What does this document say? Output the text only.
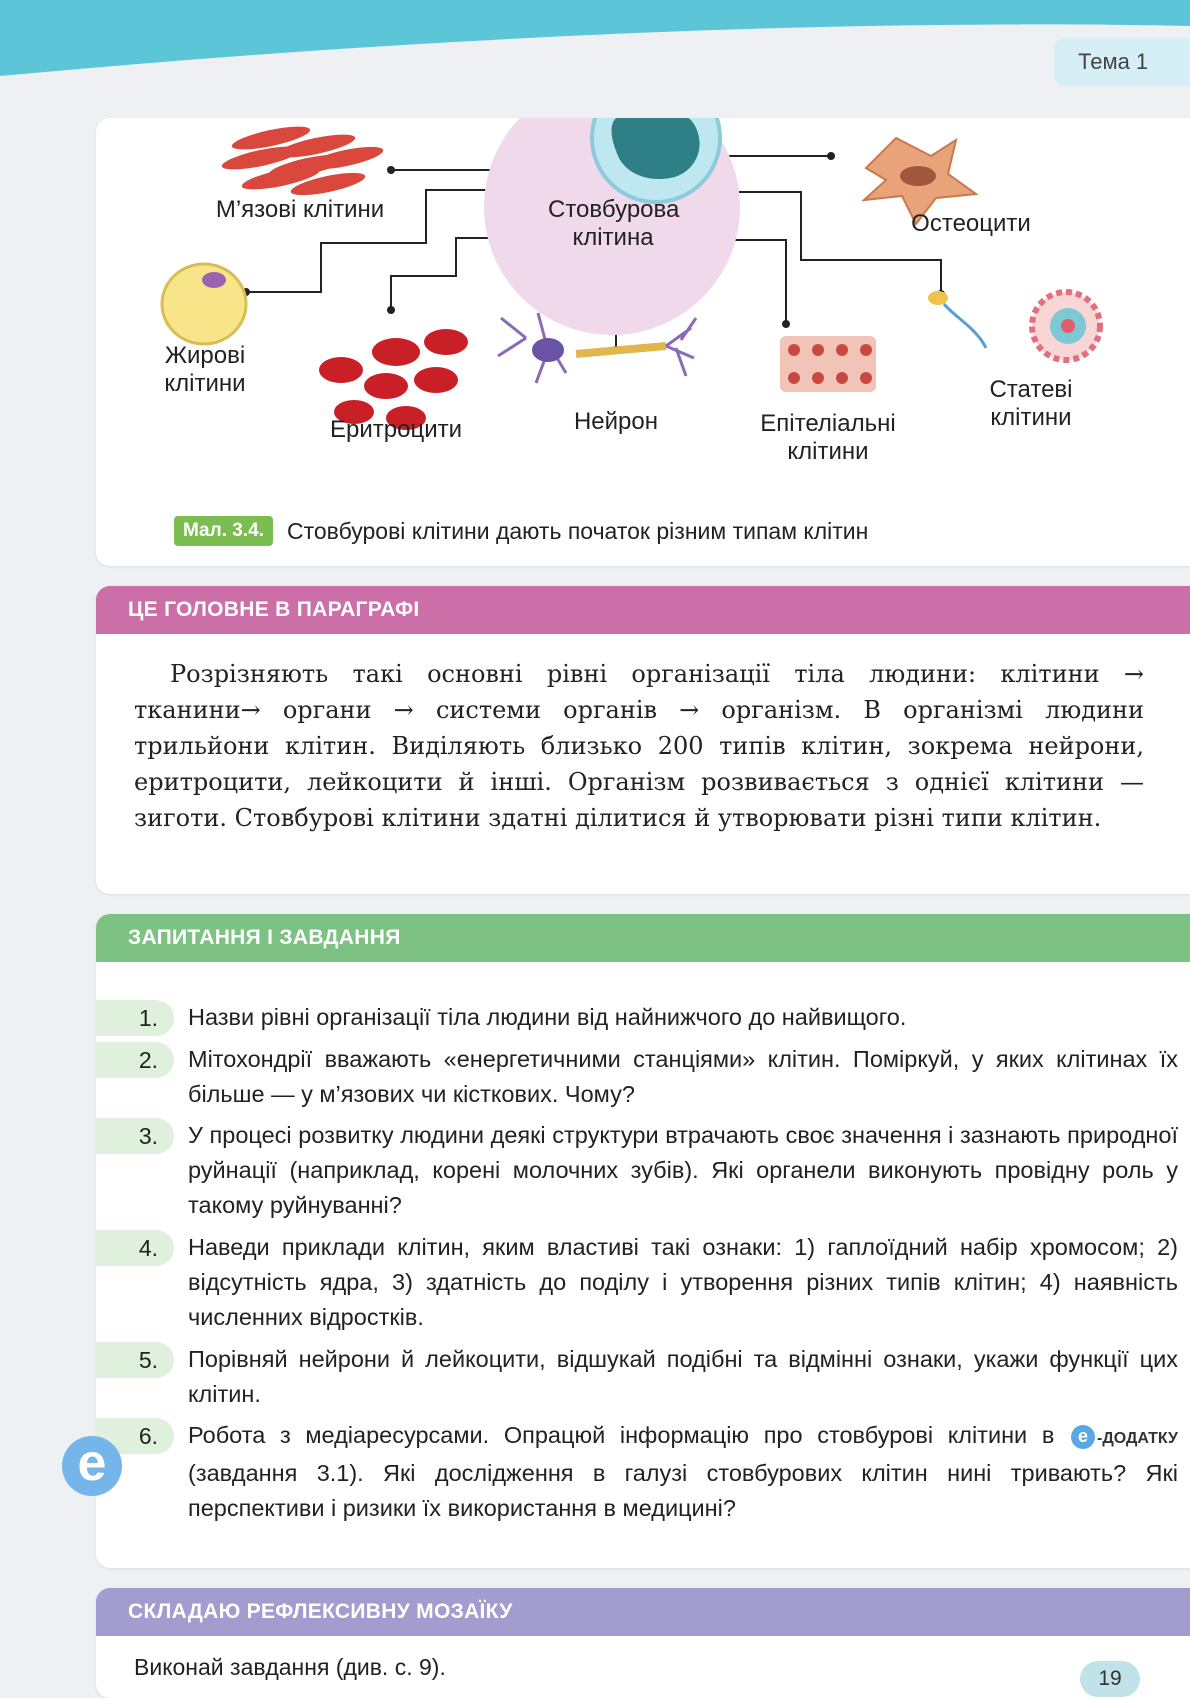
Тема 1
Стовбурова клітина
М’язові клітини
Остеоцити
Жирові клітини
Еритроцити	Нейрон	Епітеліальні клітини
Статеві клітини
Мал. 3.4.	Стовбурові клітини дають початок різним типам клітин
ЦЕ ГОЛОВНЕ В ПАРАГРАФІ
Розрізняють такі основні рівні організації тіла людини: клітини → тканини→ органи → системи органів → організм. В організмі людини трильйони клітин. Виділяють близько 200 типів клітин, зокрема нейрони, еритроцити, лейкоцити й інші. Організм розвивається з однієї клітини — зиготи. Стовбурові клітини здатні ділитися й утворювати різні типи клітин.
ЗАПИТАННЯ І ЗАВДАННЯ
1.	Назви рівні організації тіла людини від найнижчого до найвищого.
2.	Мітохондрії вважають «енергетичними станціями» клітин. Поміркуй, у яких клітинах їх більше — у м’язових чи кісткових. Чому?
3.	У процесі розвитку людини деякі структури втрачають своє значення і зазнають природної руйнації (наприклад, корені молочних зубів). Які органели виконують провідну роль у такому руйнуванні?
4.	Наведи приклади клітин, яким властиві такі ознаки: 1) гаплоїдний набір хромосом; 2) відсутність ядра, 3) здатність до поділу і утворення різних типів клітин; 4) наявність численних відростків.
5.	Порівняй нейрони й лейкоцити, відшукай подібні та відмінні ознаки, укажи функції цих клітин.
6.	Робота з медіаресурсами. Опрацюй інформацію про стовбурові клітини в е -ДОДАТКУ (завдання 3.1). Які дослідження в галузі стовбурових клітин нині тривають? Які перспективи і ризики їх використання в медицині?
е
СКЛАДАЮ РЕФЛЕКСИВНУ МОЗАЇКУ
Виконай завдання (див. с. 9).	19
